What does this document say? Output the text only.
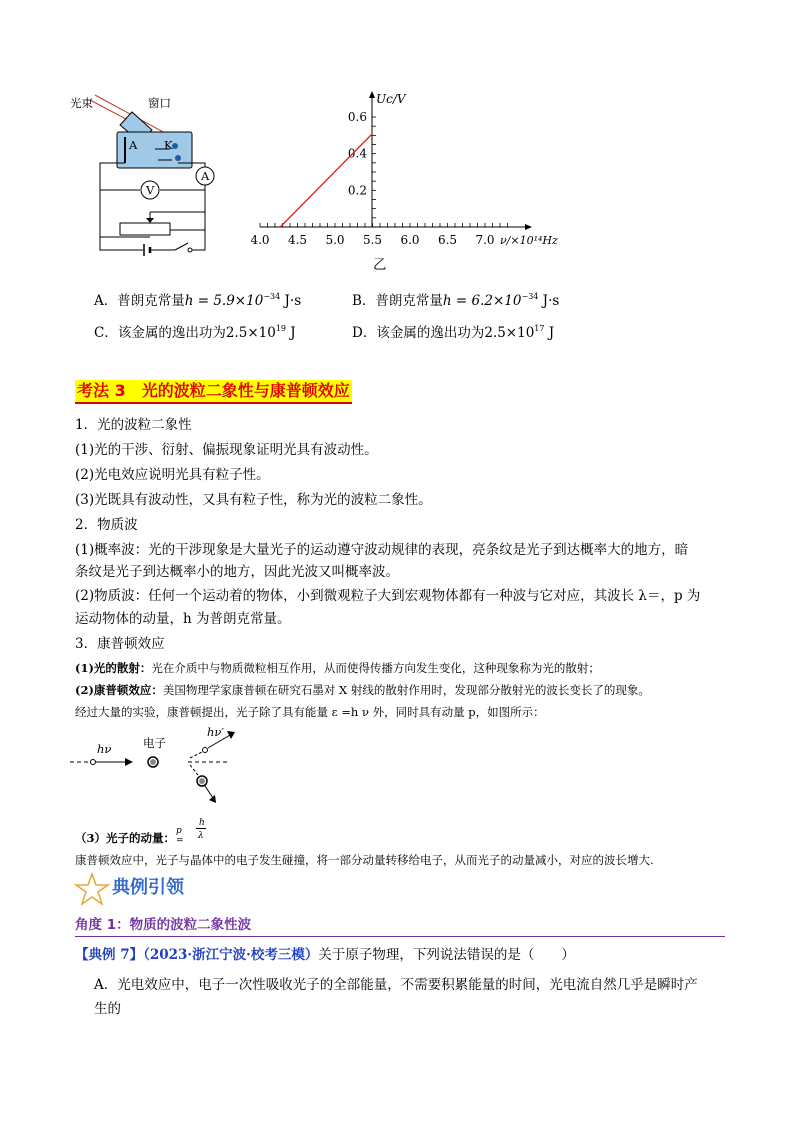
光束	窗口
A K
V
A
4.0 4.5 5.0 5.5 6.0 6.5 7.0
0.2
0.4
0.6
Uc/V
ν/×10¹⁴Hz
乙
A．普朗克常量$h = 5.9\times 10^{-34}$ J·s	B．普朗克常量$h = 6.2\times 10^{-34}$ J·s
C．该金属的逸出功为$2.5\times 10^{19}$ J	D．该金属的逸出功为$2.5\times 10^{17}$ J
考法 3　光的波粒二象性与康普顿效应
1．光的波粒二象性
(1)光的干涉、衍射、偏振现象证明光具有波动性。
(2)光电效应说明光具有粒子性。
(3)光既具有波动性，又具有粒子性，称为光的波粒二象性。
2．物质波
(1)概率波：光的干涉现象是大量光子的运动遵守波动规律的表现，亮条纹是光子到达概率大的地方，暗
条纹是光子到达概率小的地方，因此光波又叫概率波。
(2)物质波：任何一个运动着的物体，小到微观粒子大到宏观物体都有一种波与它对应，其波长 λ＝，p 为
运动物体的动量，h 为普朗克常量。
3．康普顿效应
(1)光的散射：光在介质中与物质微粒相互作用，从而使得传播方向发生变化，这种现象称为光的散射；
(2)康普顿效应：美国物理学家康普顿在研究石墨对 X 射线的散射作用时，发现部分散射光的波长变长了的现象。
经过大量的实验，康普顿提出，光子除了具有能量 ε =h ν 外，同时具有动量 p，如图所示：
hν	电子
hν′
p =
h
λ
（3）光子的动量：
康普顿效应中，光子与晶体中的电子发生碰撞，将一部分动量转移给电子，从而光子的动量减小，对应的波长增大.
典例引领
角度 1：物质的波粒二象性波
【典例 7】（2023·浙江宁波·校考三模）关于原子物理，下列说法错误的是（　　）
A．光电效应中，电子一次性吸收光子的全部能量，不需要积累能量的时间，光电流自然几乎是瞬时产
生的
